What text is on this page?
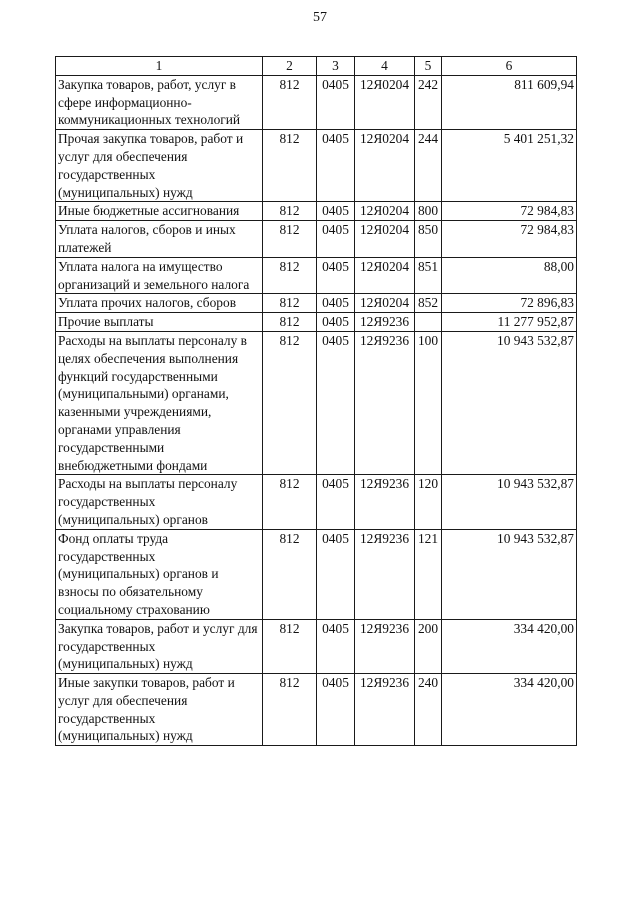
57
1	2	3	4	5	6
Закупка товаров, работ, услуг в сфере информационно-коммуникационных технологий	812	0405	12Я0204	242	811 609,94
Прочая закупка товаров, работ и услуг для обеспечения государственных (муниципальных) нужд	812	0405	12Я0204	244	5 401 251,32
Иные бюджетные ассигнования	812	0405	12Я0204	800	72 984,83
Уплата налогов, сборов и иных платежей	812	0405	12Я0204	850	72 984,83
Уплата налога на имущество организаций и земельного налога	812	0405	12Я0204	851	88,00
Уплата прочих налогов, сборов	812	0405	12Я0204	852	72 896,83
Прочие выплаты	812	0405	12Я9236		11 277 952,87
Расходы на выплаты персоналу в целях обеспечения выполнения функций государственными (муниципальными) органами, казенными учреждениями, органами управления государственными внебюджетными фондами	812	0405	12Я9236	100	10 943 532,87
Расходы на выплаты персоналу государственных (муниципальных) органов	812	0405	12Я9236	120	10 943 532,87
Фонд оплаты труда государственных (муниципальных) органов и взносы по обязательному социальному страхованию	812	0405	12Я9236	121	10 943 532,87
Закупка товаров, работ и услуг для государственных (муниципальных) нужд	812	0405	12Я9236	200	334 420,00
Иные закупки товаров, работ и услуг для обеспечения государственных (муниципальных) нужд	812	0405	12Я9236	240	334 420,00
